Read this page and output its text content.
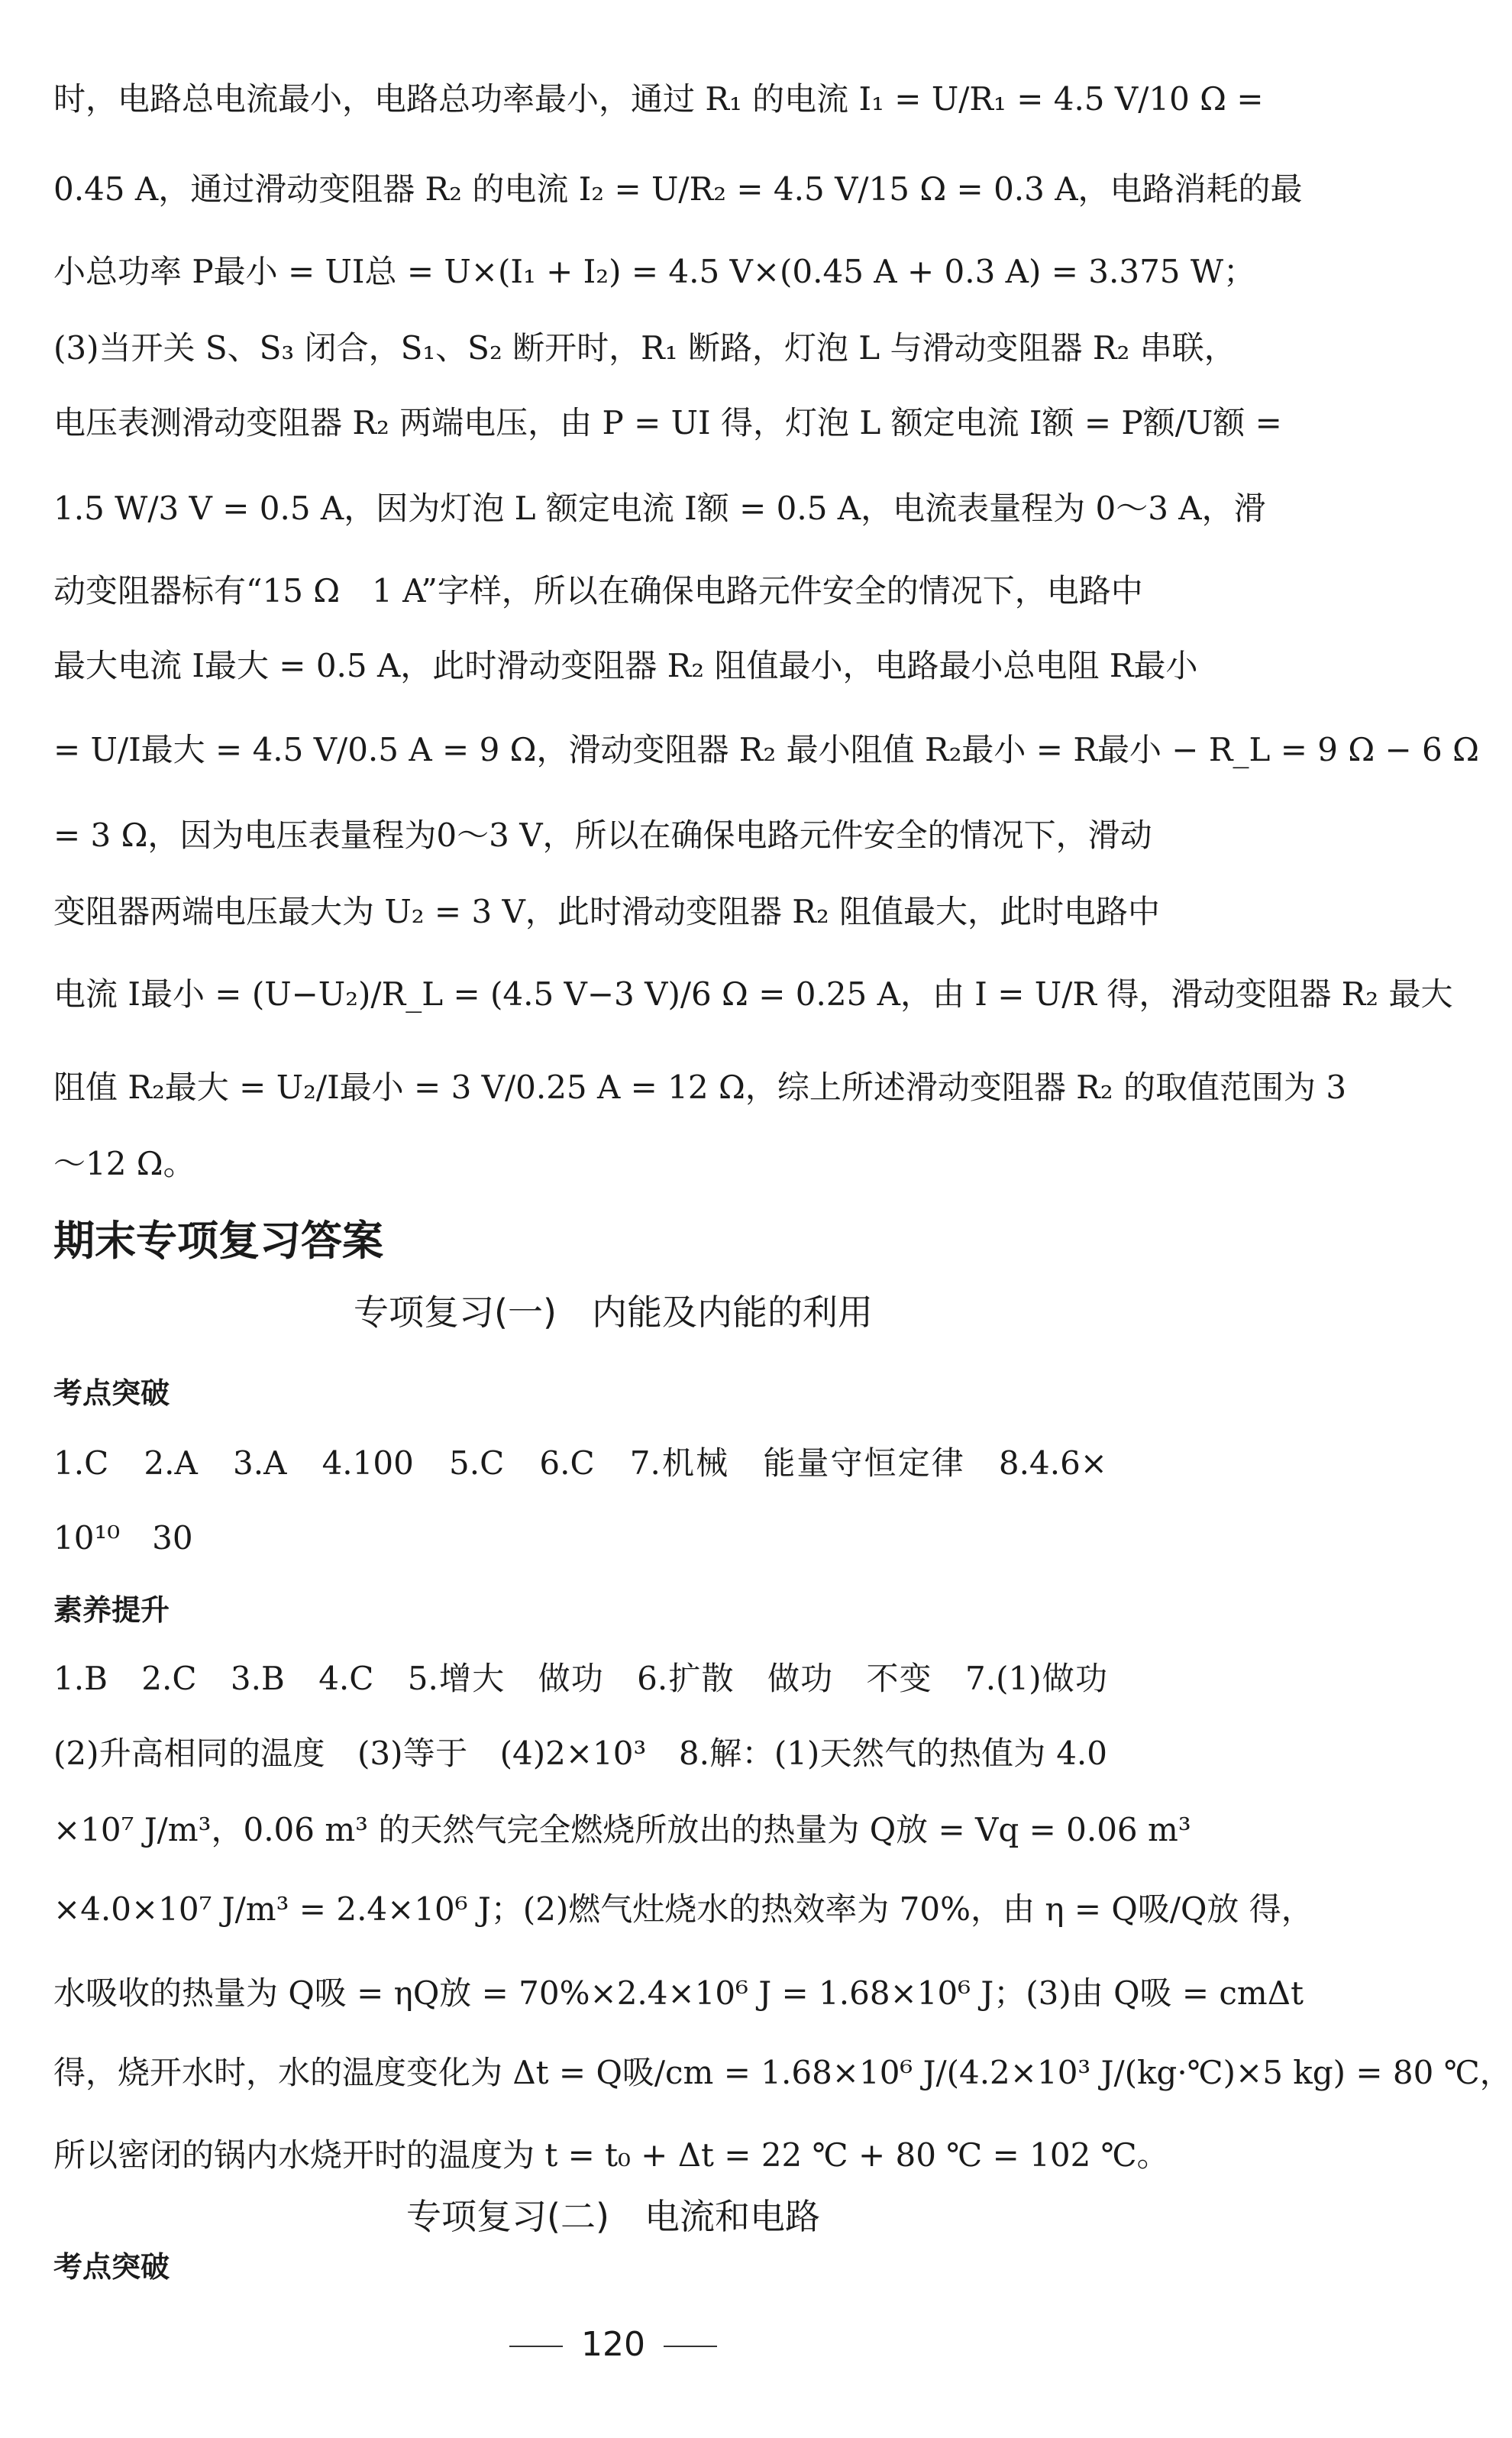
时，电路总电流最小，电路总功率最小，通过 R₁ 的电流 I₁ = U/R₁ = 4.5 V/10 Ω =
0.45 A，通过滑动变阻器 R₂ 的电流 I₂ = U/R₂ = 4.5 V/15 Ω = 0.3 A，电路消耗的最
小总功率 P最小 = UI总 = U×(I₁ + I₂) = 4.5 V×(0.45 A + 0.3 A) = 3.375 W；
(3)当开关 S、S₃ 闭合，S₁、S₂ 断开时，R₁ 断路，灯泡 L 与滑动变阻器 R₂ 串联，
电压表测滑动变阻器 R₂ 两端电压，由 P = UI 得，灯泡 L 额定电流 I额 = P额/U额 =
1.5 W/3 V = 0.5 A，因为灯泡 L 额定电流 I额 = 0.5 A，电流表量程为 0～3 A，滑
动变阻器标有“15 Ω　1 A”字样，所以在确保电路元件安全的情况下，电路中
最大电流 I最大 = 0.5 A，此时滑动变阻器 R₂ 阻值最小，电路最小总电阻 R最小
= U/I最大 = 4.5 V/0.5 A = 9 Ω，滑动变阻器 R₂ 最小阻值 R₂最小 = R最小 − R_L = 9 Ω − 6 Ω
= 3 Ω，因为电压表量程为0～3 V，所以在确保电路元件安全的情况下，滑动
变阻器两端电压最大为 U₂ = 3 V，此时滑动变阻器 R₂ 阻值最大，此时电路中
电流 I最小 = (U−U₂)/R_L = (4.5 V−3 V)/6 Ω = 0.25 A，由 I = U/R 得，滑动变阻器 R₂ 最大
阻值 R₂最大 = U₂/I最小 = 3 V/0.25 A = 12 Ω，综上所述滑动变阻器 R₂ 的取值范围为 3
～12 Ω。
期末专项复习答案
专项复习(一)　内能及内能的利用
考点突破
1.C　2.A　3.A　4.100　5.C　6.C　7.机械　能量守恒定律　8.4.6×
10¹⁰　30
素养提升
1.B　2.C　3.B　4.C　5.增大　做功　6.扩散　做功　不变　7.(1)做功
(2)升高相同的温度　(3)等于　(4)2×10³　8.解：(1)天然气的热值为 4.0
×10⁷ J/m³，0.06 m³ 的天然气完全燃烧所放出的热量为 Q放 = Vq = 0.06 m³
×4.0×10⁷ J/m³ = 2.4×10⁶ J；(2)燃气灶烧水的热效率为 70%，由 η = Q吸/Q放 得，
水吸收的热量为 Q吸 = ηQ放 = 70%×2.4×10⁶ J = 1.68×10⁶ J；(3)由 Q吸 = cmΔt
得，烧开水时，水的温度变化为 Δt = Q吸/cm = 1.68×10⁶ J/(4.2×10³ J/(kg·℃)×5 kg) = 80 ℃，
所以密闭的锅内水烧开时的温度为 t = t₀ + Δt = 22 ℃ + 80 ℃ = 102 ℃。
专项复习(二)　电流和电路
考点突破
120
